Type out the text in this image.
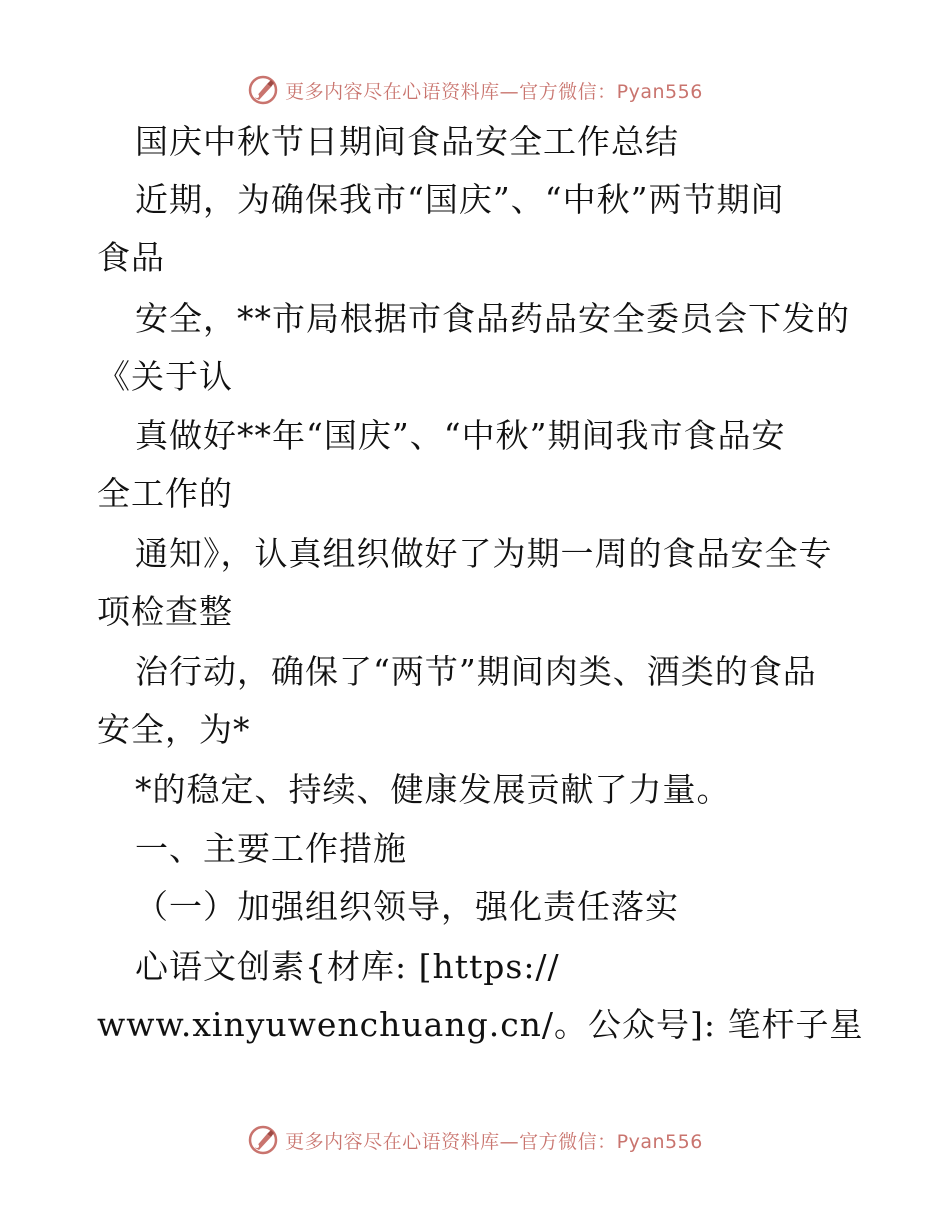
更多内容尽在心语资料库—官方微信：Pyan556
国庆中秋节日期间食品安全工作总结
近期，为确保我市“国庆”、“中秋”两节期间
食品
安全，**市局根据市食品药品安全委员会下发的
《关于认
真做好**年“国庆”、“中秋”期间我市食品安
全工作的
通知》，认真组织做好了为期一周的食品安全专
项检查整
治行动，确保了“两节”期间肉类、酒类的食品
安全，为*
*的稳定、持续、健康发展贡献了力量。
一、主要工作措施
（一）加强组织领导，强化责任落实
心语文创素{材库: [https://
www.xinyuwenchuang.cn/。公众号]: 笔杆子星
更多内容尽在心语资料库—官方微信：Pyan556
